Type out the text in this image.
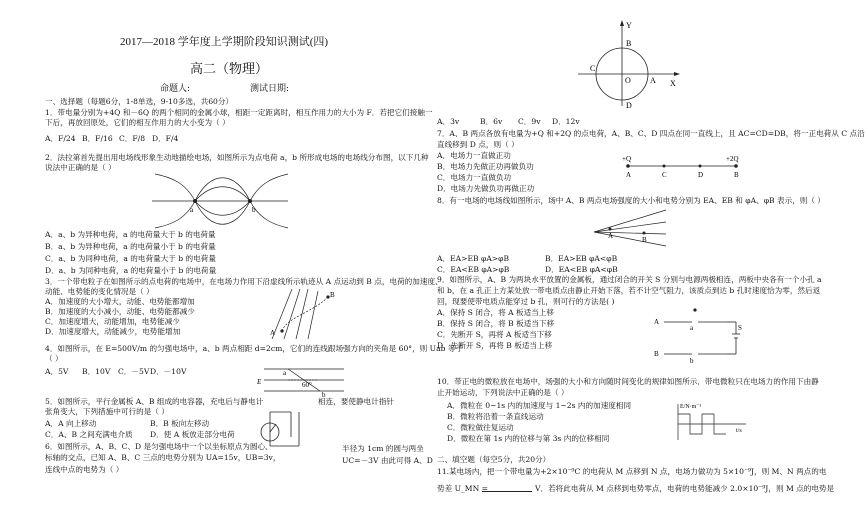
2017—2018 学年度上学期阶段知识测试(四)
高二（物理）
命题人:	测试日期:
一、选择题（每题6分，1-8单选，9-10多选，共60分）
1．带电量分别为+4Q 和－6Q 的两个相同的金属小球，相距一定距离时，相互作用力的大小为 F．若把它们接触一
下后，再放回原处，它们的相互作用力的大小变为（ ）
A．F/24 B．F/16 C．F/8 D．F/4
2．法拉第首先提出用电场线形象生动地描绘电场，如图所示为点电荷 a，b 所形成电场的电场线分布图，以下几种
说法中正确的是（ ）
a	b
A．a、b 为异种电荷，a 的电荷量大于 b 的电荷量
B．a、b 为异种电荷，a 的电荷量小于 b 的电荷量
C．a、b 为同种电荷，a 的电荷量大于 b 的电荷量
D．a、b 为同种电荷，a 的电荷量小于 b 的电荷量
3．一个带电粒子在如图所示的点电荷的电场中，在电场力作用下沿虚线所示轨迹从 A 点运动到 B 点，电荷的加速度、
动能、电势能的变化情况是（ ）
A．加速度的大小增大，动能、电势能都增加
B．加速度的大小减小，动能、电势能都减少
C．加速度增大，动能增加，电势能减少
D．加速度增大，动能减少，电势能增加	A
B
4．如图所示，在 E=500V/m 的匀强电场中，a、b 两点相距 d=2cm，它们的连线跟场强方向的夹角是 60°，则 Uab 等于
（ ）
A．5V B．10V C．－5V D．－10V	a
b
E	60°
5．如图所示，平行金属板 A、B 组成的电容器，充电后与静电计	相连，要使静电计指针
张角变大，下列措施中可行的是（ ）
A．A 向上移动	B．B 板向左移动
C．A、B 之间充满电介质 D．使 A 板放走部分电荷
6．如图所示，A、B、C、D 是匀强电场中一个以坐标原点为圆心、	半径为 1cm 的圆与两坐
标轴的交点，已知 A、B、C 三点的电势分别为 UA=15v，UB=3v，	UC=－3V 由此可得 A、D
连线中点的电势为（ ）
Y
X
O A
B
C
D
A．3v	B．6v C．9v D．12v
7．A、B 两点各放有电量为+Q 和+2Q 的点电荷，A、B、C、D 四点在同一直线上，且 AC=CD=DB，将一正电荷从 C 点沿
直线移到 D 点，则（ ）
A．电场力一直做正功
B．电场力先做正功再做负功
C．电场力一直做负功
D．电场力先做负功再做正功
+Q	+2Q
A	C	D	B
8．有一电场的电场线如图所示，场中 A、B 两点电场强度的大小和电势分别为 EA、EB 和 φA、φB 表示，则（ ）
A	B
A．EA>EB φA>φB	B．EA>EB φA<φB
C．EA<EB φA>φB	D．EA<EB φA<φB
9．如图所示，A、B 为两块水平放置的金属板，通过闭合的开关 S 分别与电源两极相连，两板中央各有一个小孔 a
和 b，在 a 孔正上方某处放一带电质点由静止开始下落，若不计空气阻力，该质点到达 b 孔时速度恰为零，然后返
回，现要使带电质点能穿过 b 孔，则可行的方法是( )
A．保持 S 闭合，将 A 板适当上移
B．保持 S 闭合，将 B 板适当下移
C．先断开 S，再将 A 板适当下移
D．先断开 S，再将 B 板适当上移
a
b
A
B
S
10．带正电的微粒放在电场中，场强的大小和方向随时间变化的规律如图所示．带电微粒只在电场力的作用下由静
止开始运动，下列说法中正确的是（ ）
A．微粒在 0~1s 内的加速度与 1~2s 内的加速度相同
B．微粒将沿着一条直线运动
C．微粒做往复运动
D．微粒在第 1s 内的位移与第 3s 内的位移相同
E/N·m⁻¹
t/s
二、填空题（每空5分，共20分）
11.某电场内，把一个带电量为+2×10⁻⁹C 的电荷从 M 点移到 N 点，电场力做功为 5×10⁻⁹J，则 M、N 两点的电
势差 U_MN =	V．若将此电荷从 M 点移到电势零点，电荷的电势能减少 2.0×10⁻⁹J，则 M 点的电势是
